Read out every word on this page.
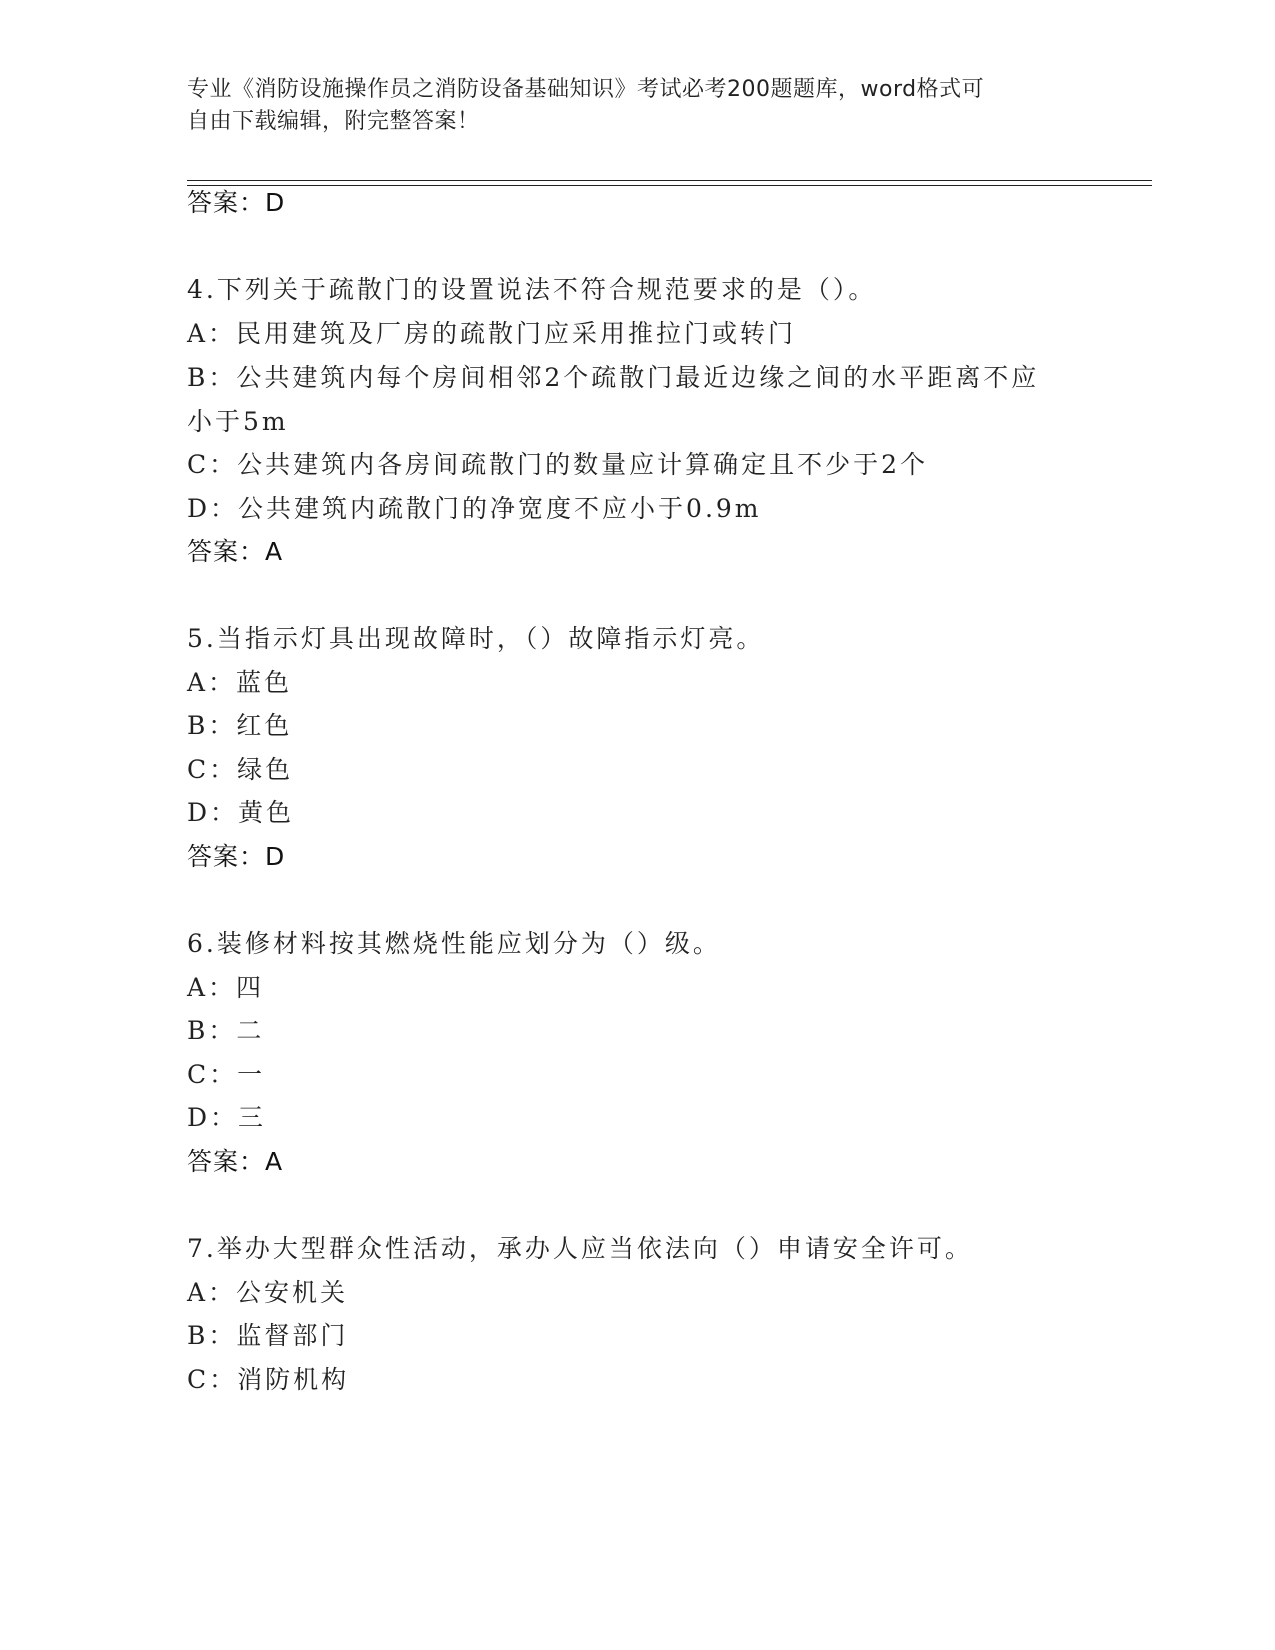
专业《消防设施操作员之消防设备基础知识》考试必考200题题库，word格式可
自由下载编辑，附完整答案！
答案：D
4.下列关于疏散门的设置说法不符合规范要求的是（）。
A：民用建筑及厂房的疏散门应采用推拉门或转门
B：公共建筑内每个房间相邻2个疏散门最近边缘之间的水平距离不应
小于5m
C：公共建筑内各房间疏散门的数量应计算确定且不少于2个
D：公共建筑内疏散门的净宽度不应小于0.9m
答案：A
5.当指示灯具出现故障时，（）故障指示灯亮。
A：蓝色
B：红色
C：绿色
D：黄色
答案：D
6.装修材料按其燃烧性能应划分为（）级。
A：四
B：二
C：一
D：三
答案：A
7.举办大型群众性活动，承办人应当依法向（）申请安全许可。
A：公安机关
B：监督部门
C：消防机构
